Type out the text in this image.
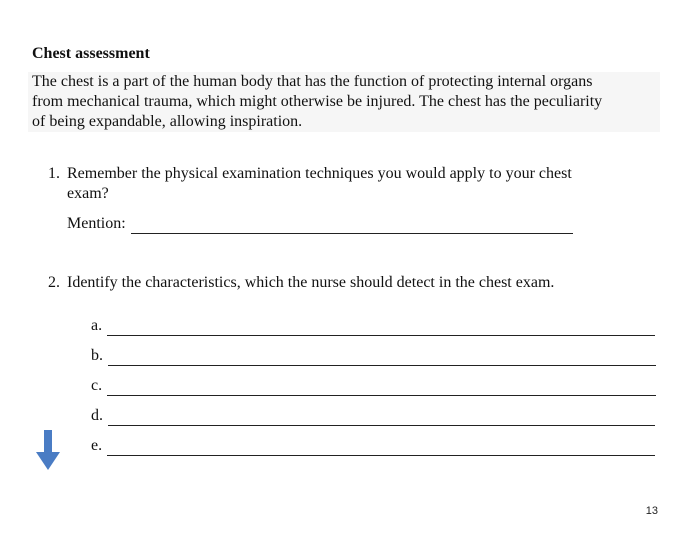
Chest assessment
The chest is a part of the human body that has the function of protecting internal organs
from mechanical trauma, which might otherwise be injured. The chest has the peculiarity
of being expandable, allowing inspiration.
1. Remember the physical examination techniques you would apply to your chest
exam?
Mention:
2. Identify the characteristics, which the nurse should detect in the chest exam.
a.
b.
c.
d.
e.
13
